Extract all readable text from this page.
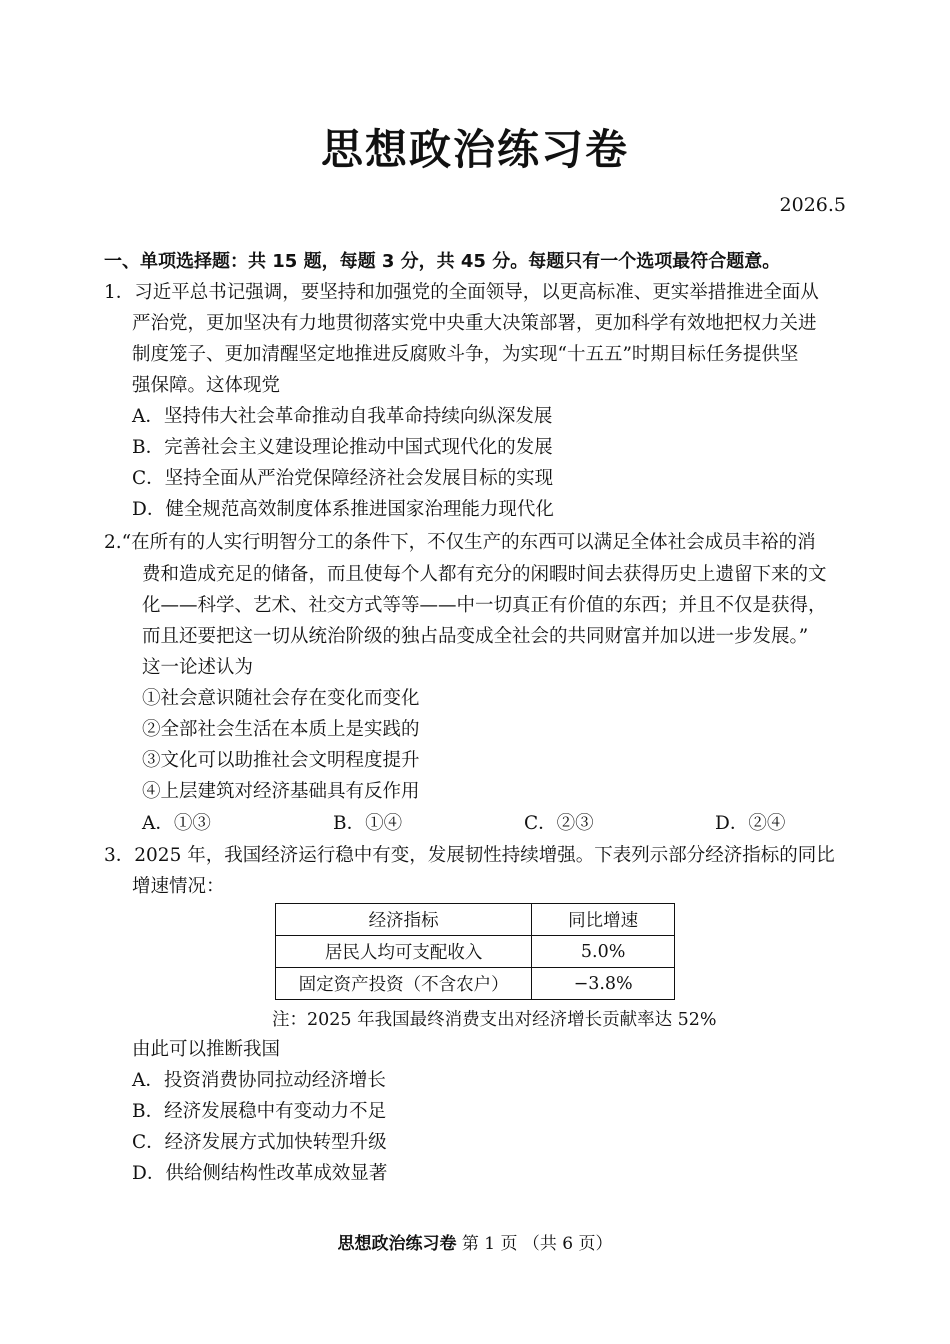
思想政治练习卷
2026.5
一、单项选择题：共 15 题，每题 3 分，共 45 分。每题只有一个选项最符合题意。
1．习近平总书记强调，要坚持和加强党的全面领导，以更高标准、更实举措推进全面从
严治党，更加坚决有力地贯彻落实党中央重大决策部署，更加科学有效地把权力关进
制度笼子、更加清醒坚定地推进反腐败斗争，为实现“十五五”时期目标任务提供坚
强保障。这体现党
A．坚持伟大社会革命推动自我革命持续向纵深发展
B．完善社会主义建设理论推动中国式现代化的发展
C．坚持全面从严治党保障经济社会发展目标的实现
D．健全规范高效制度体系推进国家治理能力现代化
2.“在所有的人实行明智分工的条件下，不仅生产的东西可以满足全体社会成员丰裕的消
费和造成充足的储备，而且使每个人都有充分的闲暇时间去获得历史上遗留下来的文
化——科学、艺术、社交方式等等——中一切真正有价值的东西；并且不仅是获得，
而且还要把这一切从统治阶级的独占品变成全社会的共同财富并加以进一步发展。”
这一论述认为
①社会意识随社会存在变化而变化
②全部社会生活在本质上是实践的
③文化可以助推社会文明程度提升
④上层建筑对经济基础具有反作用
A．①③	B．①④	C．②③	D．②④
3．2025 年，我国经济运行稳中有变，发展韧性持续增强。下表列示部分经济指标的同比
增速情况：
经济指标	同比增速
居民人均可支配收入	5.0%
固定资产投资（不含农户）	−3.8%
注：2025 年我国最终消费支出对经济增长贡献率达 52%
由此可以推断我国
A．投资消费协同拉动经济增长
B．经济发展稳中有变动力不足
C．经济发展方式加快转型升级
D．供给侧结构性改革成效显著
思想政治练习卷 第 1 页 （共 6 页）
